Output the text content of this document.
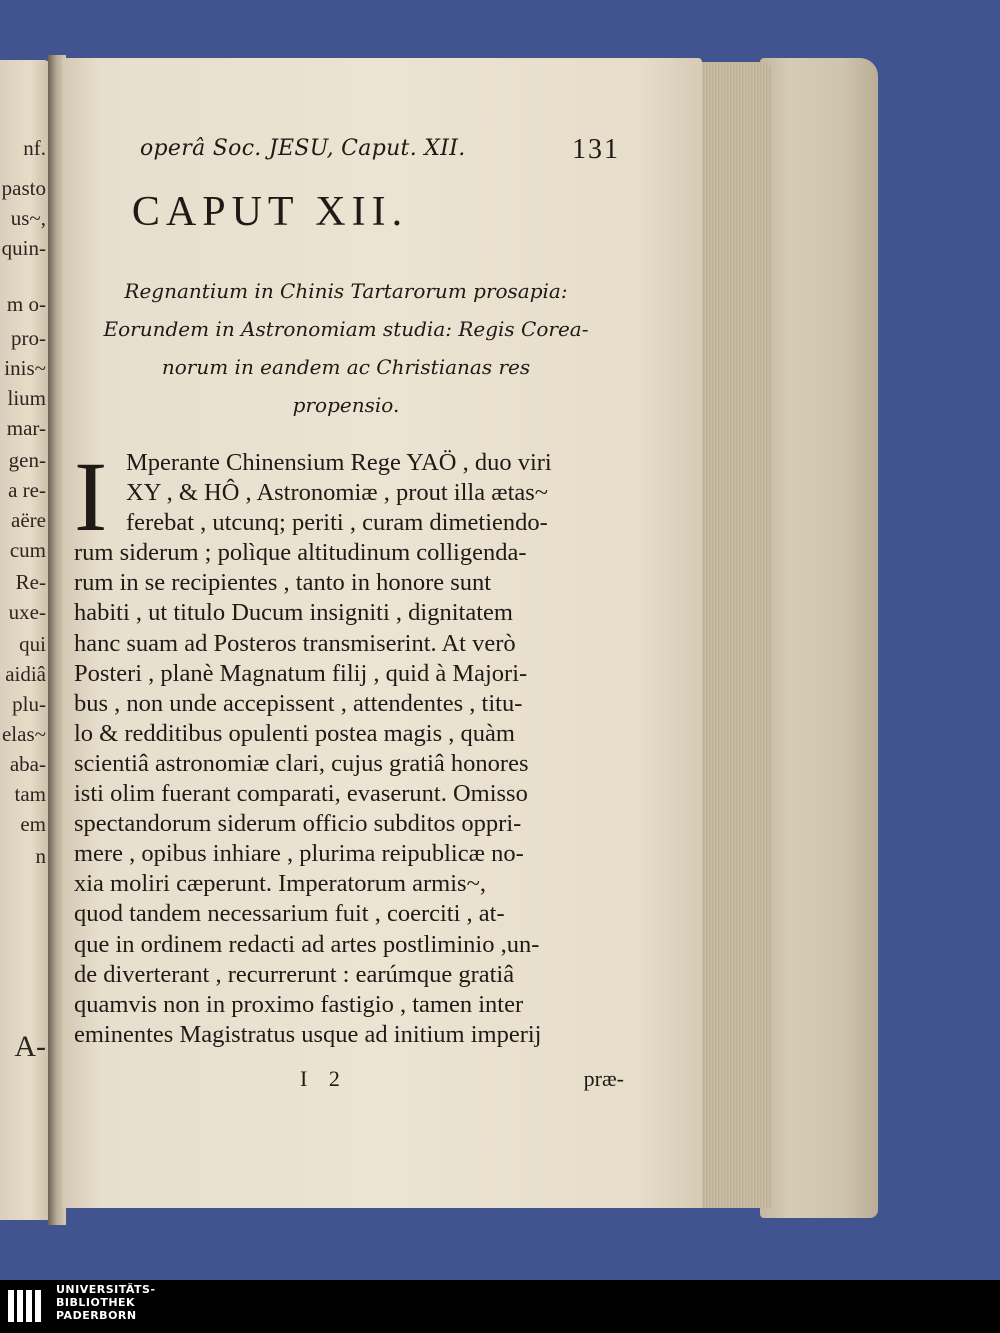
nf.
pasto
us~,
quin-
m o-
pro-
inis~
lium
mar-
gen-
a re-
aëre
cum
Re-
uxe-
qui
aidiâ
plu-
elas~
aba-
tam
em
n
A-
operâ Soc. JESU, Caput. XII.	131
CAPUT XII.
Regnantium in Chinis Tartarorum prosapia:
Eorundem in Astronomiam studia: Regis Corea-
norum in eandem ac Christianas res
propensio.
I Mperante Chinensium Rege YAÖ , duo viri
XY , & HÔ , Astronomiæ , prout illa ætas~
ferebat , utcunq; periti , curam dimetiendo-
rum siderum ; polìque altitudinum colligenda-
rum in se recipientes , tanto in honore sunt
habiti , ut titulo Ducum insigniti , dignitatem
hanc suam ad Posteros transmiserint. At verò
Posteri , planè Magnatum filij , quid à Majori-
bus , non unde accepissent , attendentes , titu-
lo & redditibus opulenti postea magis , quàm
scientiâ astronomiæ clari, cujus gratiâ honores
isti olim fuerant comparati, evaserunt. Omisso
spectandorum siderum officio subditos oppri-
mere , opibus inhiare , plurima reipublicæ no-
xia moliri cæperunt. Imperatorum armis~,
quod tandem necessarium fuit , coerciti , at-
que in ordinem redacti ad artes postliminio ,un-
de diverterant , recurrerunt : earúmque gratiâ
quamvis non in proximo fastigio , tamen inter
eminentes Magistratus usque ad initium imperij
I 2	præ-
UNIVERSITÄTS-
BIBLIOTHEK
PADERBORN
